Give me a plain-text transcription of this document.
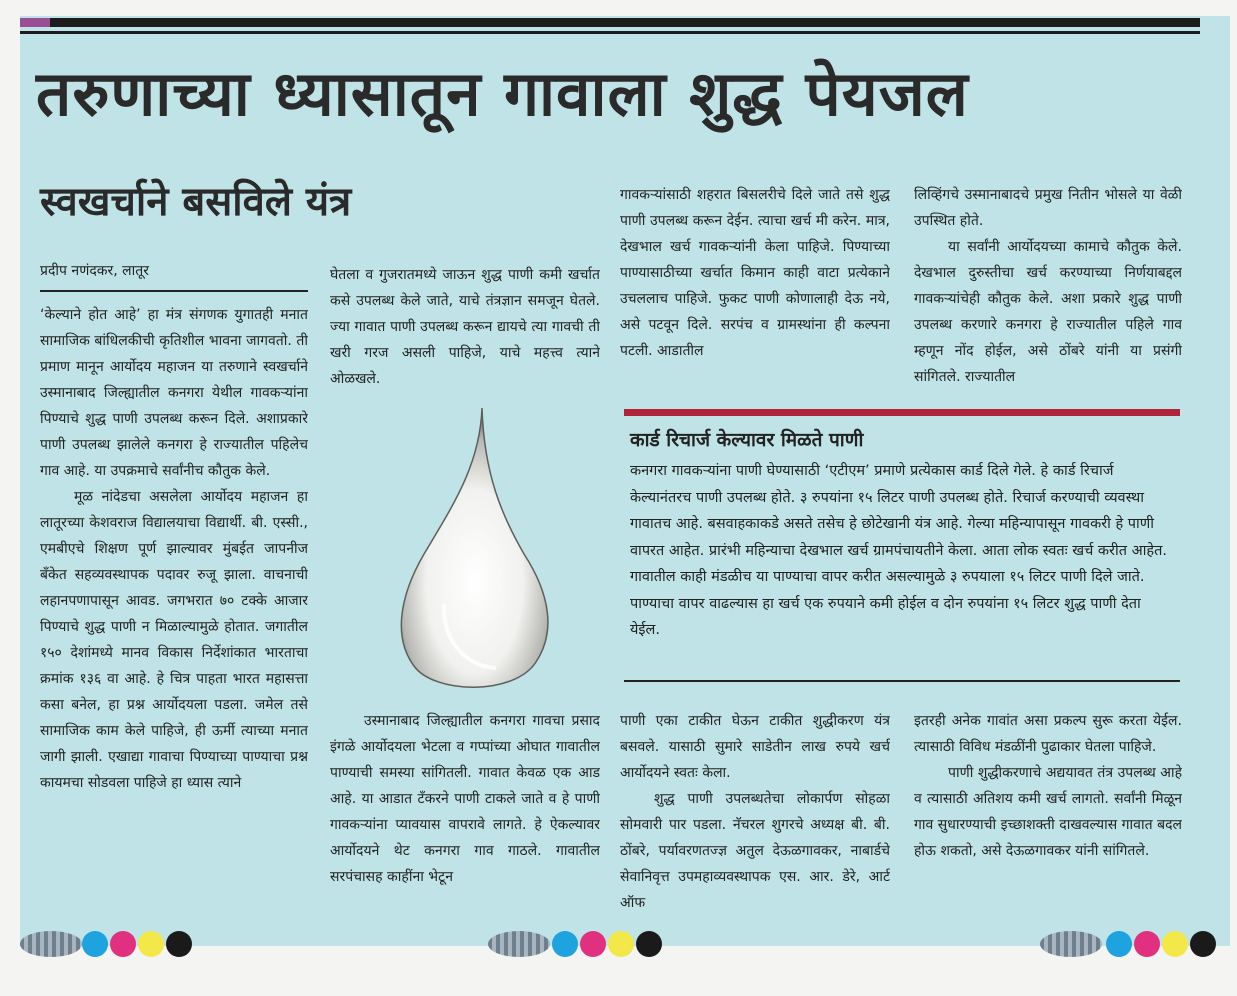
तरुणाच्या ध्यासातून गावाला शुद्ध पेयजल
स्वखर्चाने बसविले यंत्र

प्रदीप नणंदकर, लातूर

‘केल्याने होत आहे’ हा मंत्र संगणक युगातही मनात सामाजिक बांधिलकीची कृतिशील भावना जागवतो. ती प्रमाण मानून आर्योदय महाजन या तरुणाने स्वखर्चाने उस्मानाबाद जिल्ह्यातील कनगरा येथील गावकऱ्यांना पिण्याचे शुद्ध पाणी उपलब्ध करून दिले. अशाप्रकारे पाणी उपलब्ध झालेले कनगरा हे राज्यातील पहिलेच गाव आहे. या उपक्रमाचे सर्वांनीच कौतुक केले.

मूळ नांदेडचा असलेला आर्योदय महाजन हा लातूरच्या केशवराज विद्यालयाचा विद्यार्थी. बी. एस्सी., एमबीएचे शिक्षण पूर्ण झाल्यावर मुंबईत जापनीज बँकेत सहव्यवस्थापक पदावर रुजू झाला. वाचनाची लहानपणापासून आवड. जगभरात ७० टक्के आजार पिण्याचे शुद्ध पाणी न मिळाल्यामुळे होतात. जगातील १५० देशांमध्ये मानव विकास निर्देशांकात भारताचा क्रमांक १३६ वा आहे. हे चित्र पाहता भारत महासत्ता कसा बनेल, हा प्रश्न आर्योदयला पडला. जमेल तसे सामाजिक काम केले पाहिजे, ही ऊर्मी त्याच्या मनात जागी झाली. एखाद्या गावाचा पिण्याच्या पाण्याचा प्रश्न कायमचा सोडवला पाहिजे हा ध्यास त्याने

घेतला व गुजरातमध्ये जाऊन शुद्ध पाणी कमी खर्चात कसे उपलब्ध केले जाते, याचे तंत्रज्ञान समजून घेतले. ज्या गावात पाणी उपलब्ध करून द्यायचे त्या गावची ती खरी गरज असली पाहिजे, याचे महत्त्व त्याने ओळखले.

गावकऱ्यांसाठी शहरात बिसलरीचे दिले जाते तसे शुद्ध पाणी उपलब्ध करून देईन. त्याचा खर्च मी करेन. मात्र, देखभाल खर्च गावकऱ्यांनी केला पाहिजे. पिण्याच्या पाण्यासाठीच्या खर्चात किमान काही वाटा प्रत्येकाने उचललाच पाहिजे. फुकट पाणी कोणालाही देऊ नये, असे पटवून दिले. सरपंच व ग्रामस्थांना ही कल्पना पटली. आडातील

लिव्हिंगचे उस्मानाबादचे प्रमुख नितीन भोसले या वेळी उपस्थित होते.

या सर्वांनी आर्योदयच्या कामाचे कौतुक केले. देखभाल दुरुस्तीचा खर्च करण्याच्या निर्णयाबद्दल गावकऱ्यांचेही कौतुक केले. अशा प्रकारे शुद्ध पाणी उपलब्ध करणारे कनगरा हे राज्यातील पहिले गाव म्हणून नोंद होईल, असे ठोंबरे यांनी या प्रसंगी सांगितले. राज्यातील

कार्ड रिचार्ज केल्यावर मिळते पाणी

कनगरा गावकऱ्यांना पाणी घेण्यासाठी ‘एटीएम’ प्रमाणे प्रत्येकास कार्ड दिले गेले. हे कार्ड रिचार्ज केल्यानंतरच पाणी उपलब्ध होते. ३ रुपयांना १५ लिटर पाणी उपलब्ध होते. रिचार्ज करण्याची व्यवस्था गावातच आहे. बसवाहकाकडे असते तसेच हे छोटेखानी यंत्र आहे. गेल्या महिन्यापासून गावकरी हे पाणी वापरत आहेत. प्रारंभी महिन्याचा देखभाल खर्च ग्रामपंचायतीने केला. आता लोक स्वतः खर्च करीत आहेत. गावातील काही मंडळीच या पाण्याचा वापर करीत असल्यामुळे ३ रुपयाला १५ लिटर पाणी दिले जाते. पाण्याचा वापर वाढल्यास हा खर्च एक रुपयाने कमी होईल व दोन रुपयांना १५ लिटर शुद्ध पाणी देता येईल.

उस्मानाबाद जिल्ह्यातील कनगरा गावचा प्रसाद इंगळे आर्योदयला भेटला व गप्पांच्या ओघात गावातील पाण्याची समस्या सांगितली. गावात केवळ एक आड आहे. या आडात टँकरने पाणी टाकले जाते व हे पाणी गावकऱ्यांना प्यावयास वापरावे लागते. हे ऐकल्यावर आर्योदयने थेट कनगरा गाव गाठले. गावातील सरपंचासह काहींना भेटून

पाणी एका टाकीत घेऊन टाकीत शुद्धीकरण यंत्र बसवले. यासाठी सुमारे साडेतीन लाख रुपये खर्च आर्योदयने स्वतः केला.

शुद्ध पाणी उपलब्धतेचा लोकार्पण सोहळा सोमवारी पार पडला. नॅचरल शुगरचे अध्यक्ष बी. बी. ठोंबरे, पर्यावरणतज्ज्ञ अतुल देऊळगावकर, नाबार्डचे सेवानिवृत्त उपमहाव्यवस्थापक एस. आर. डेरे, आर्ट ऑफ

इतरही अनेक गावांत असा प्रकल्प सुरू करता येईल. त्यासाठी विविध मंडळींनी पुढाकार घेतला पाहिजे.

पाणी शुद्धीकरणाचे अद्ययावत तंत्र उपलब्ध आहे व त्यासाठी अतिशय कमी खर्च लागतो. सर्वांनी मिळून गाव सुधारण्याची इच्छाशक्ती दाखवल्यास गावात बदल होऊ शकतो, असे देऊळगावकर यांनी सांगितले.
